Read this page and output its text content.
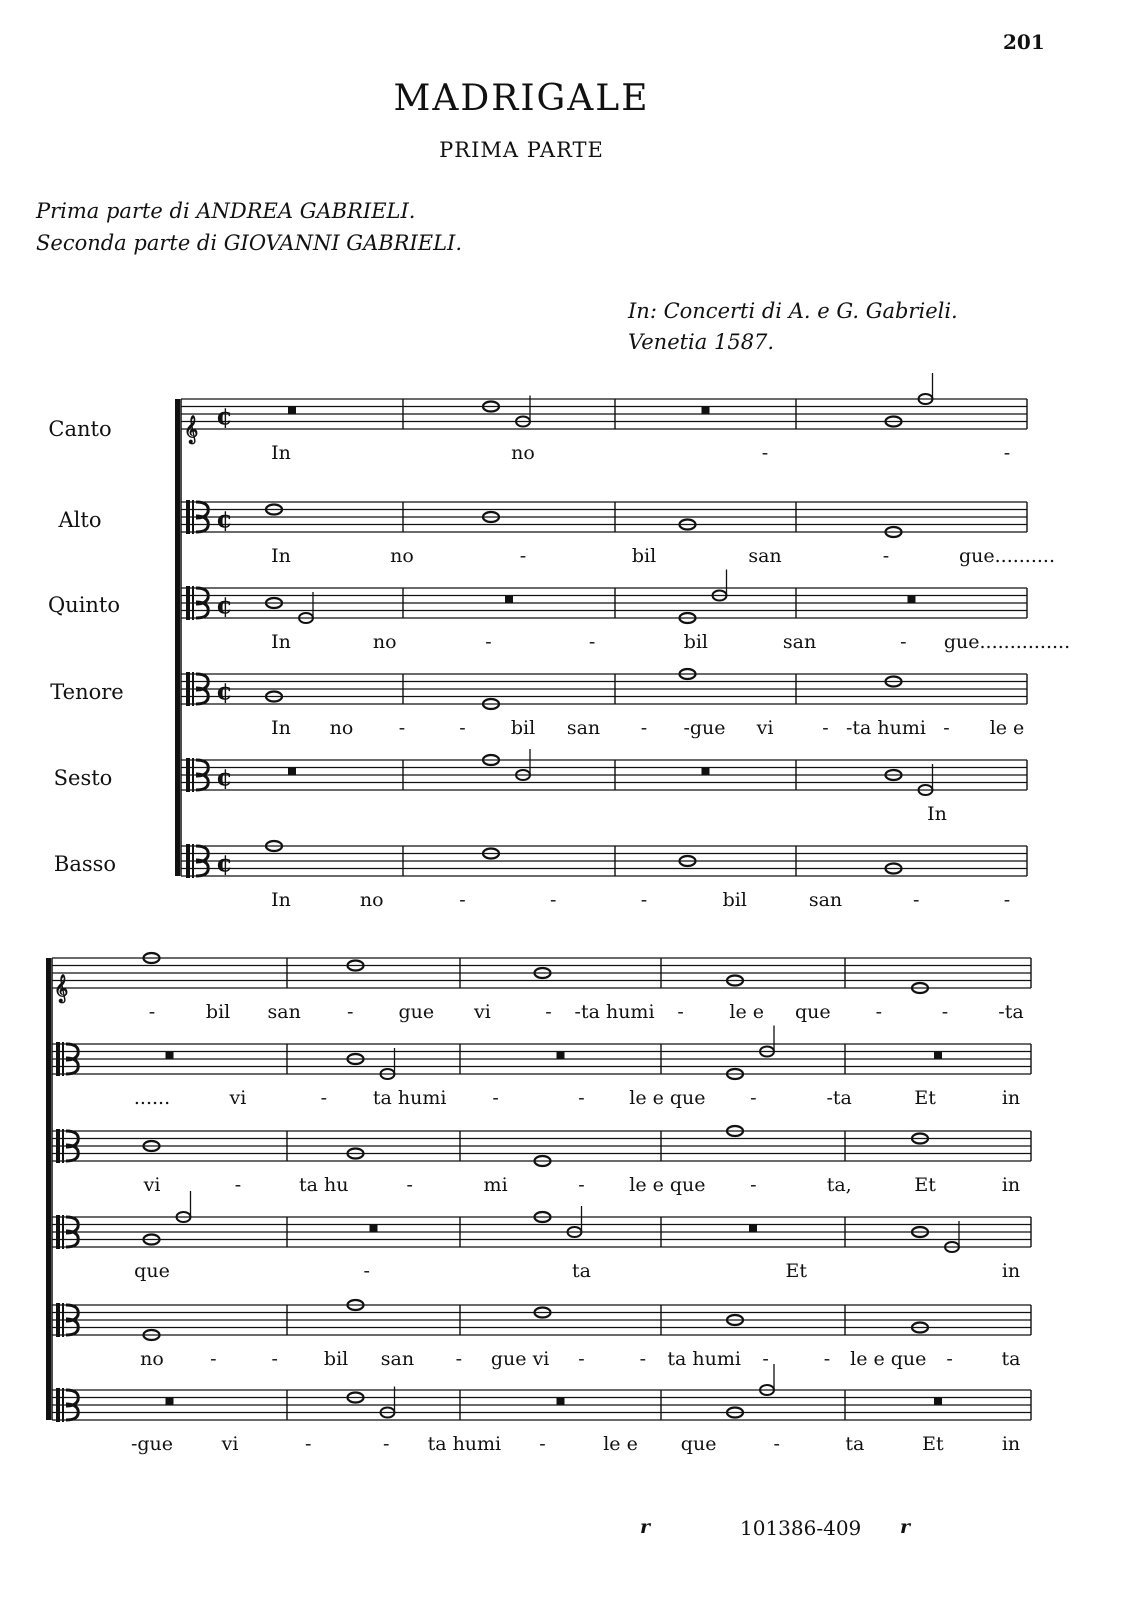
201
MADRIGALE
PRIMA PARTE
Prima parte di ANDREA GABRIELI.
Seconda parte di GIOVANNI GABRIELI.
In: Concerti di A. e G. Gabrieli.
Venetia 1587.
Canto
Alto
Quinto
Tenore
Sesto
Basso
𝄞 ¢
In	no	-	-
¢
In	no	-	bil	san	-	gue..........
¢
In	no	-	-	bil	san	- gue...............
¢
In no -	- bil san - -gue vi	- -ta humi - le e
¢
In
¢
In	no	-	-	-	bil	san	-	-
𝄞
-	bil san - gue vi	- -ta humi - le e que -	-	-ta
......	vi	- ta humi -	- le e que -	-ta	Et	in
vi	-	ta hu	-	mi	- le e que -	ta,	Et	in
que	-	ta	Et	in
no -	- bil san - gue vi -	- ta humi -	- le e que -	ta
-gue	vi	-	- ta humi -	le e que	-	ta	Et	in
r	101386-409 r
